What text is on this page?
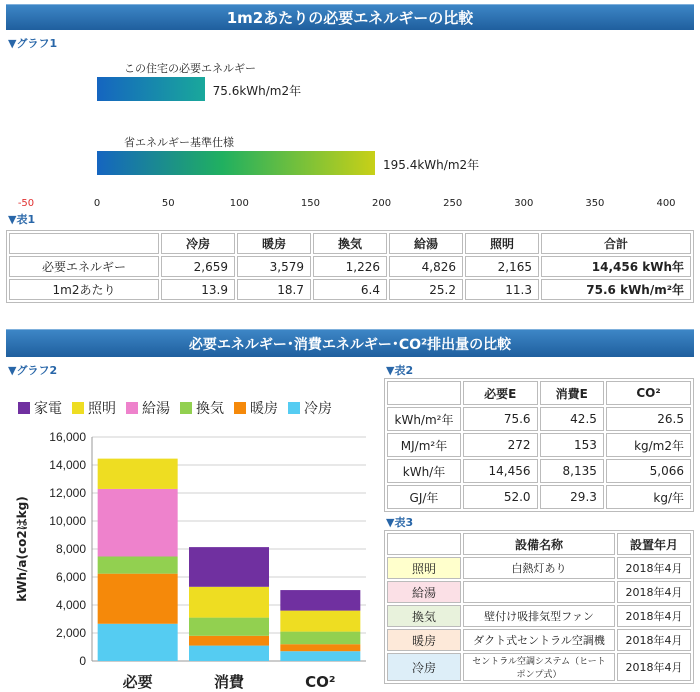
1m2あたりの必要エネルギーの比較
▼グラフ1
この住宅の必要エネルギー
75.6kWh/m2年
省エネルギー基準仕様
195.4kWh/m2年
-50	0	50	100	150	200	250	300	350	400
▼表1
	冷房	暖房	換気	給湯	照明	合計
必要エネルギー	2,659	3,579	1,226	4,826	2,165	14,456 kWh年
1m2あたり	13.9	18.7	6.4	25.2	11.3	75.6 kWh/m²年
必要エネルギー･消費エネルギー･CO²排出量の比較
▼グラフ2
家電 照明 給湯 換気 暖房 冷房
0
2,000
4,000
6,000
8,000
10,000
12,000
14,000
16,000
kWh/a(co2はkg)
必要	消費	CO²
▼表2
	必要E	消費E	CO²
kWh/m²年	75.6	42.5	26.5
MJ/m²年	272	153	kg/m2年
kWh/年	14,456	8,135	5,066
GJ/年	52.0	29.3	kg/年
▼表3
	設備名称	設置年月
照明	白熱灯あり	2018年4月
給湯		2018年4月
換気	壁付け吸排気型ファン	2018年4月
暖房	ダクト式セントラル空調機	2018年4月
冷房	セントラル空調システム（ヒートポンプ式）	2018年4月
